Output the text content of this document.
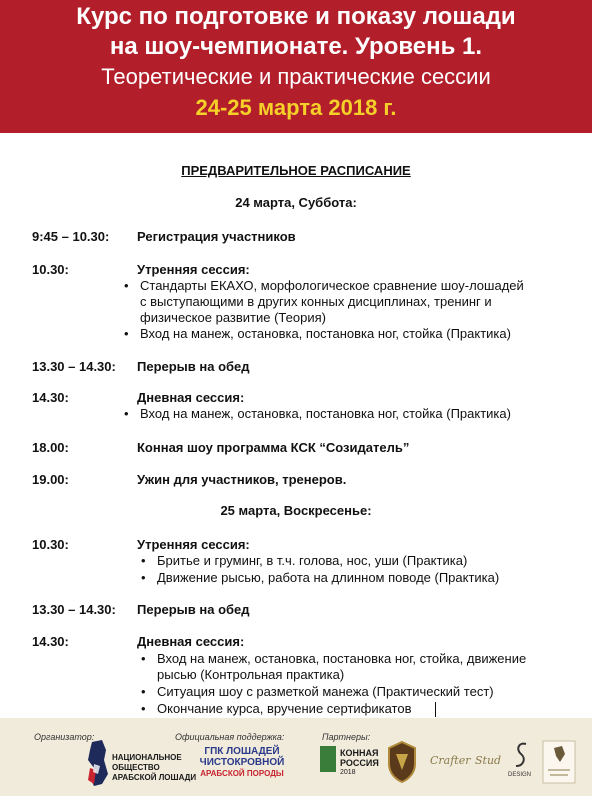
Курс по подготовке и показу лошади
на шоу-чемпионате. Уровень 1.
Теоретические и практические сессии
24-25 марта 2018 г.
ПРЕДВАРИТЕЛЬНОЕ РАСПИСАНИЕ
24 марта, Суббота:
9:45 – 10.30: Регистрация участников
10.30:	Утренняя сессия:
• Стандарты ЕКАХО, морфологическое сравнение шоу-лошадей
с выступающими в других конных дисциплинах, тренинг и
физическое развитие (Теория)
• Вход на манеж, остановка, постановка ног, стойка (Практика)
13.30 – 14.30: Перерыв на обед
14.30:	Дневная сессия:
• Вход на манеж, остановка, постановка ног, стойка (Практика)
18.00:	Конная шоу программа КСК “Созидатель”
19.00:	Ужин для участников, тренеров.
25 марта, Воскресенье:
10.30:	Утренняя сессия:
• Бритье и груминг, в т.ч. голова, нос, уши (Практика)
• Движение рысью, работа на длинном поводе (Практика)
13.30 – 14.30: Перерыв на обед
14.30:	Дневная сессия:
• Вход на манеж, остановка, постановка ног, стойка, движение
рысью (Контрольная практика)
• Ситуация шоу с разметкой манежа (Практический тест)
• Окончание курса, вручение сертификатов
Организатор:
НАЦИОНАЛЬНОЕ
ОБЩЕСТВО
АРАБСКОЙ ЛОШАДИ
Официальная поддержка:
ГПК ЛОШАДЕЙ
ЧИСТОКРОВНОЙ
АРАБСКОЙ ПОРОДЫ
Партнеры:
КОННАЯ
РОССИЯ
2018
Crafter Stud
DESIGN
